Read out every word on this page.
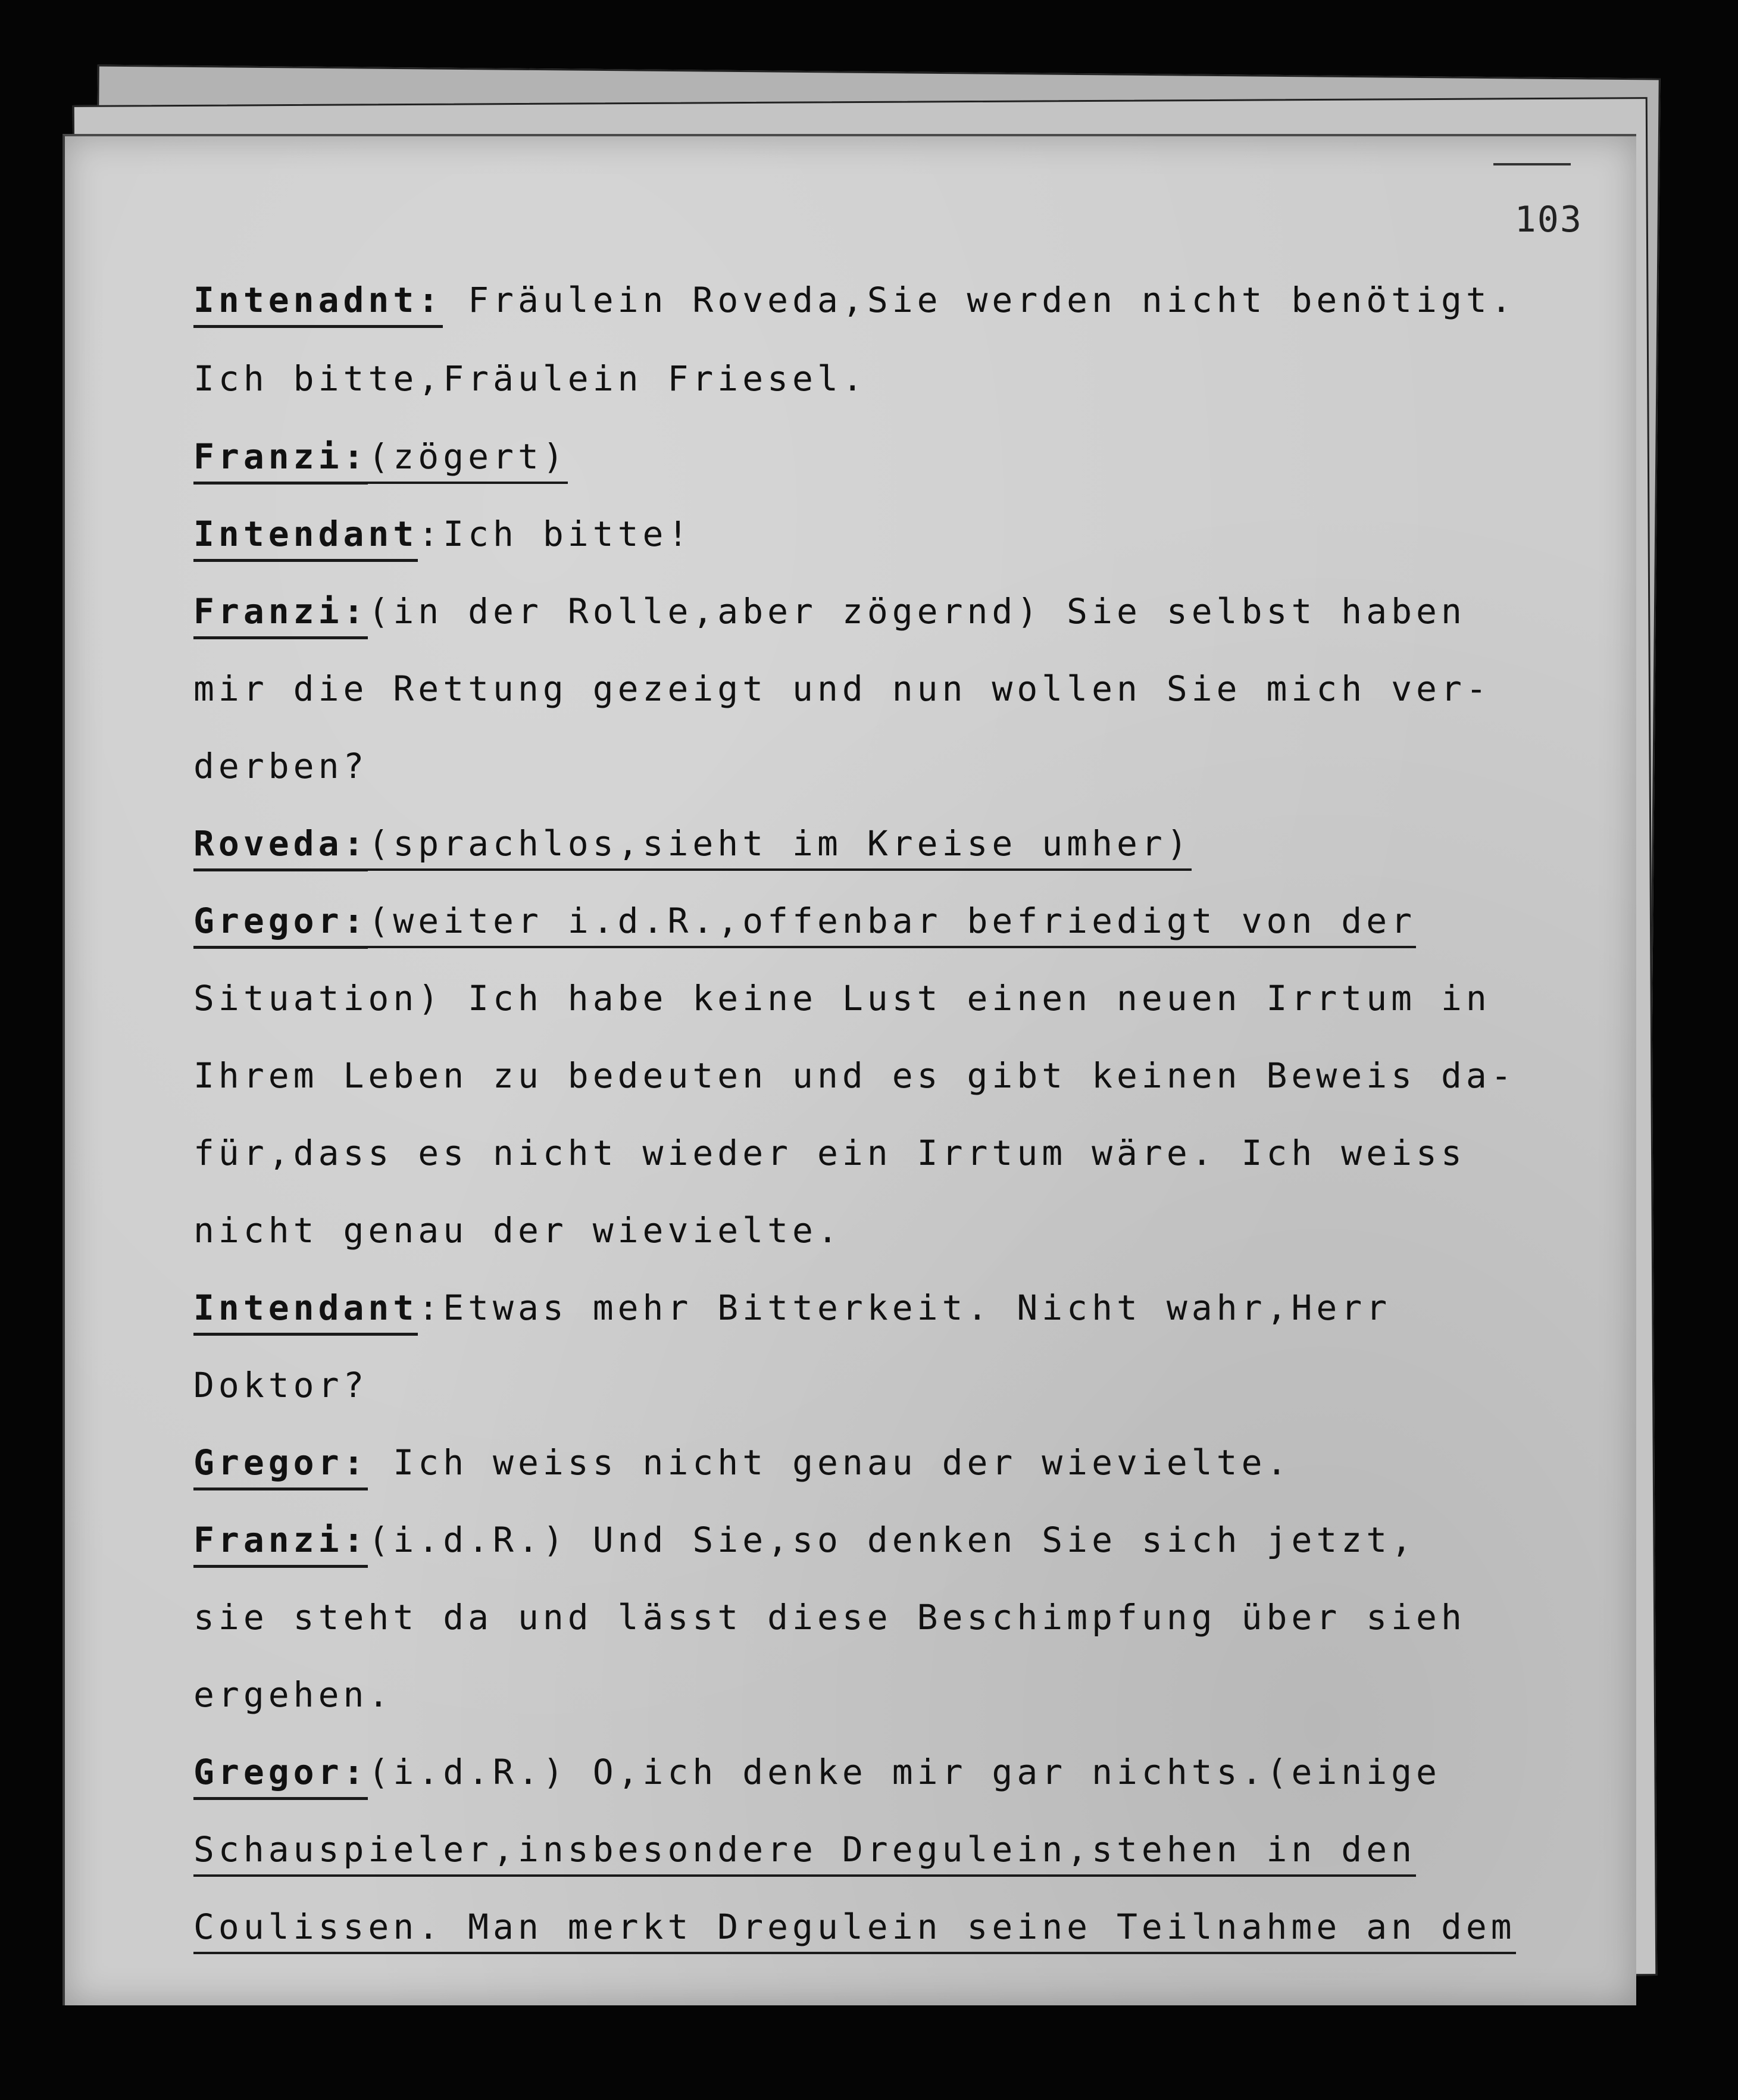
103
Intenadnt: Fräulein Roveda,Sie werden nicht benötigt.
Ich bitte,Fräulein Friesel.
Franzi:(zögert)
Intendant:Ich bitte!
Franzi:(in der Rolle,aber zögernd) Sie selbst haben
mir die Rettung gezeigt und nun wollen Sie mich ver-
derben?
Roveda:(sprachlos,sieht im Kreise umher)
Gregor:(weiter i.d.R.,offenbar befriedigt von der
Situation) Ich habe keine Lust einen neuen Irrtum in
Ihrem Leben zu bedeuten und es gibt keinen Beweis da-
für,dass es nicht wieder ein Irrtum wäre. Ich weiss
nicht genau der wievielte.
Intendant:Etwas mehr Bitterkeit. Nicht wahr,Herr
Doktor?
Gregor: Ich weiss nicht genau der wievielte.
Franzi:(i.d.R.) Und Sie,so denken Sie sich jetzt,
sie steht da und lässt diese Beschimpfung über sieh
ergehen.
Gregor:(i.d.R.) O,ich denke mir gar nichts.(einige
Schauspieler,insbesondere Dregulein,stehen in den
Coulissen. Man merkt Dregulein seine Teilnahme an dem
